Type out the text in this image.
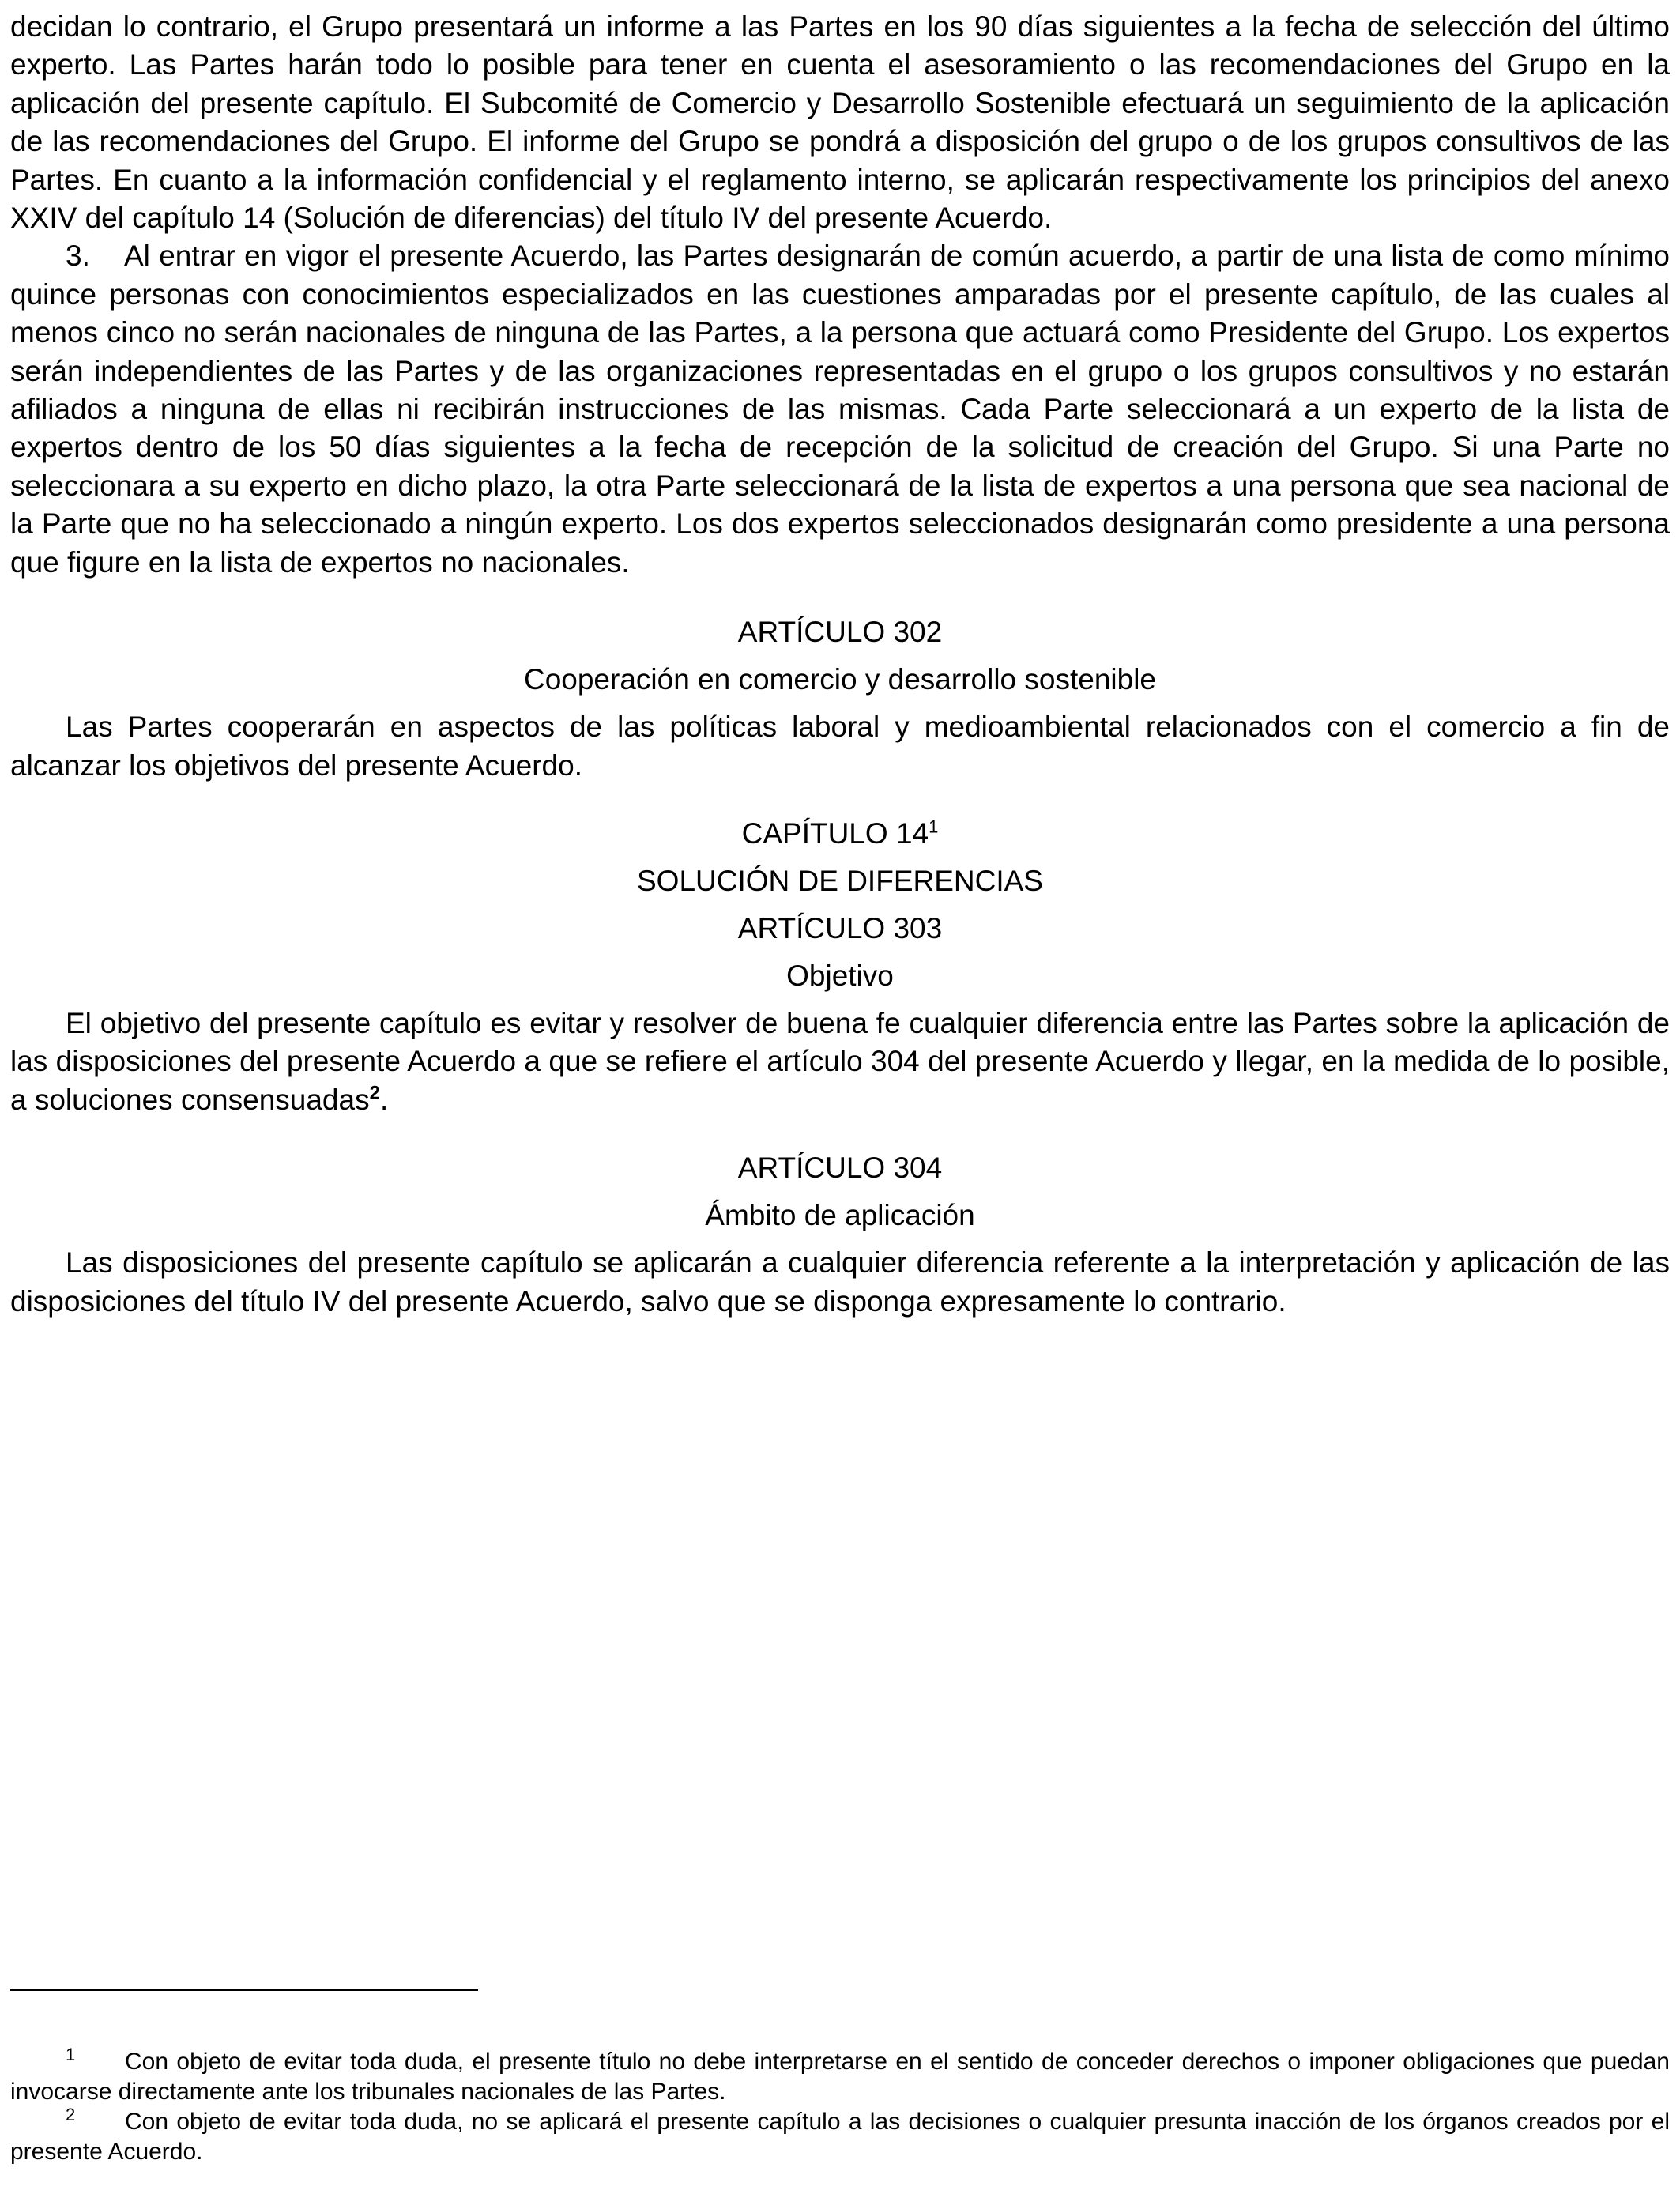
decidan lo contrario, el Grupo presentará un informe a las Partes en los 90 días siguientes a la fecha de selección del último experto. Las Partes harán todo lo posible para tener en cuenta el asesoramiento o las recomendaciones del Grupo en la aplicación del presente capítulo. El Subcomité de Comercio y Desarrollo Sostenible efectuará un seguimiento de la aplicación de las recomendaciones del Grupo. El informe del Grupo se pondrá a disposición del grupo o de los grupos consultivos de las Partes. En cuanto a la información confidencial y el reglamento interno, se aplicarán respectivamente los principios del anexo XXIV del capítulo 14 (Solución de diferencias) del título IV del presente Acuerdo.

3. Al entrar en vigor el presente Acuerdo, las Partes designarán de común acuerdo, a partir de una lista de como mínimo quince personas con conocimientos especializados en las cuestiones amparadas por el presente capítulo, de las cuales al menos cinco no serán nacionales de ninguna de las Partes, a la persona que actuará como Presidente del Grupo. Los expertos serán independientes de las Partes y de las organizaciones representadas en el grupo o los grupos consultivos y no estarán afiliados a ninguna de ellas ni recibirán instrucciones de las mismas. Cada Parte seleccionará a un experto de la lista de expertos dentro de los 50 días siguientes a la fecha de recepción de la solicitud de creación del Grupo. Si una Parte no seleccionara a su experto en dicho plazo, la otra Parte seleccionará de la lista de expertos a una persona que sea nacional de la Parte que no ha seleccionado a ningún experto. Los dos expertos seleccionados designarán como presidente a una persona que figure en la lista de expertos no nacionales.

ARTÍCULO 302

Cooperación en comercio y desarrollo sostenible

Las Partes cooperarán en aspectos de las políticas laboral y medioambiental relacionados con el comercio a fin de alcanzar los objetivos del presente Acuerdo.

CAPÍTULO $14^1$

SOLUCIÓN DE DIFERENCIAS

ARTÍCULO 303

Objetivo

El objetivo del presente capítulo es evitar y resolver de buena fe cualquier diferencia entre las Partes sobre la aplicación de las disposiciones del presente Acuerdo a que se refiere el artículo 304 del presente Acuerdo y llegar, en la medida de lo posible, a soluciones consensuadas$^2$.

ARTÍCULO 304

Ámbito de aplicación

Las disposiciones del presente capítulo se aplicarán a cualquier diferencia referente a la interpretación y aplicación de las disposiciones del título IV del presente Acuerdo, salvo que se disponga expresamente lo contrario.

1 Con objeto de evitar toda duda, el presente título no debe interpretarse en el sentido de conceder derechos o imponer obligaciones que puedan invocarse directamente ante los tribunales nacionales de las Partes.

2 Con objeto de evitar toda duda, no se aplicará el presente capítulo a las decisiones o cualquier presunta inacción de los órganos creados por el presente Acuerdo.
